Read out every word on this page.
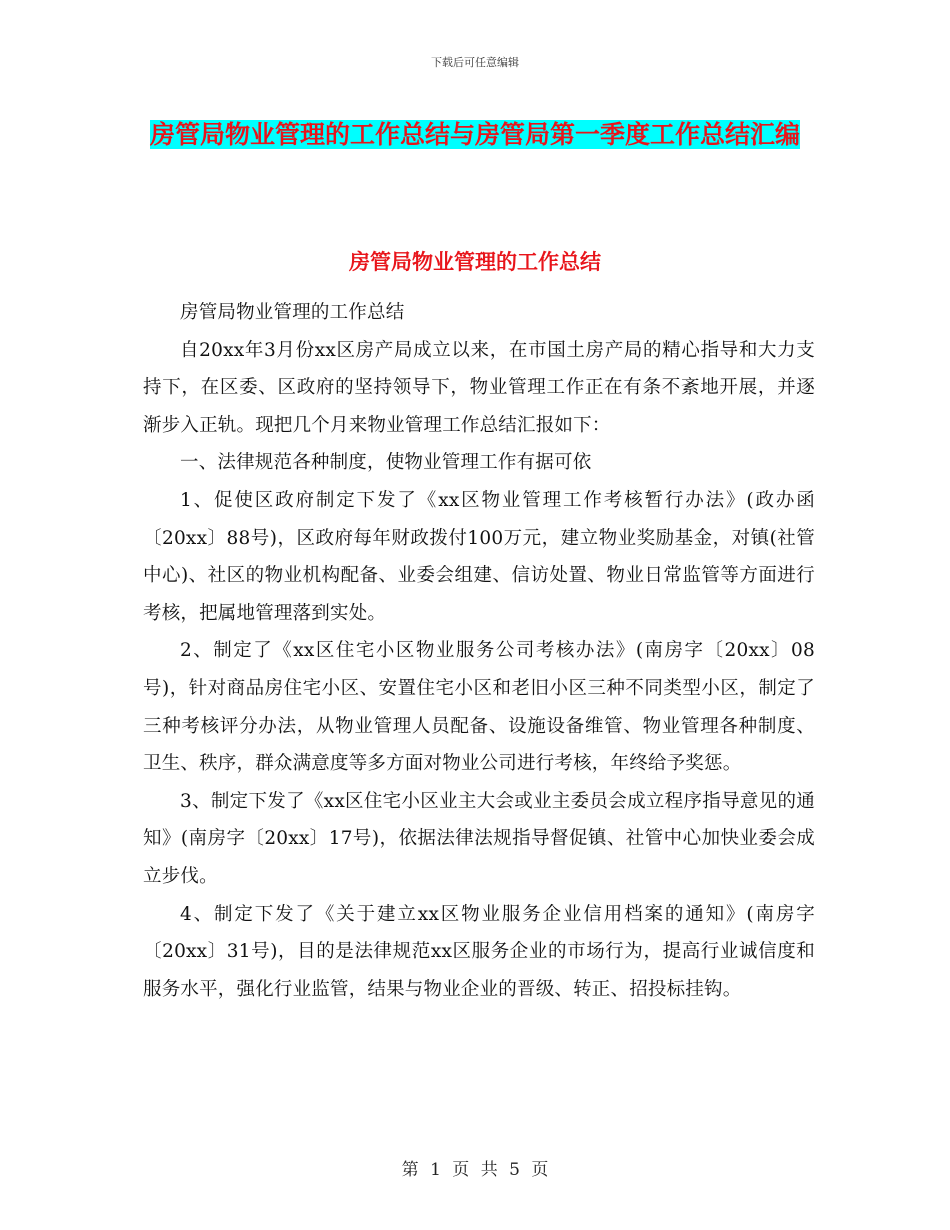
下载后可任意编辑
房管局物业管理的工作总结与房管局第一季度工作总结汇编
房管局物业管理的工作总结

房管局物业管理的工作总结

自20xx年3月份xx区房产局成立以来，在市国土房产局的精心指导和大力支持下，在区委、区政府的坚持领导下，物业管理工作正在有条不紊地开展，并逐渐步入正轨。现把几个月来物业管理工作总结汇报如下：

一、法律规范各种制度，使物业管理工作有据可依

1、促使区政府制定下发了《xx区物业管理工作考核暂行办法》(政办函〔20xx〕88号)，区政府每年财政拨付100万元，建立物业奖励基金，对镇(社管中心)、社区的物业机构配备、业委会组建、信访处置、物业日常监管等方面进行考核，把属地管理落到实处。

2、制定了《xx区住宅小区物业服务公司考核办法》(南房字〔20xx〕08号)，针对商品房住宅小区、安置住宅小区和老旧小区三种不同类型小区，制定了三种考核评分办法，从物业管理人员配备、设施设备维管、物业管理各种制度、卫生、秩序，群众满意度等多方面对物业公司进行考核，年终给予奖惩。

3、制定下发了《xx区住宅小区业主大会或业主委员会成立程序指导意见的通知》(南房字〔20xx〕17号)，依据法律法规指导督促镇、社管中心加快业委会成立步伐。

4、制定下发了《关于建立xx区物业服务企业信用档案的通知》(南房字〔20xx〕31号)，目的是法律规范xx区服务企业的市场行为，提高行业诚信度和服务水平，强化行业监管，结果与物业企业的晋级、转正、招投标挂钩。

第 1 页 共 5 页
